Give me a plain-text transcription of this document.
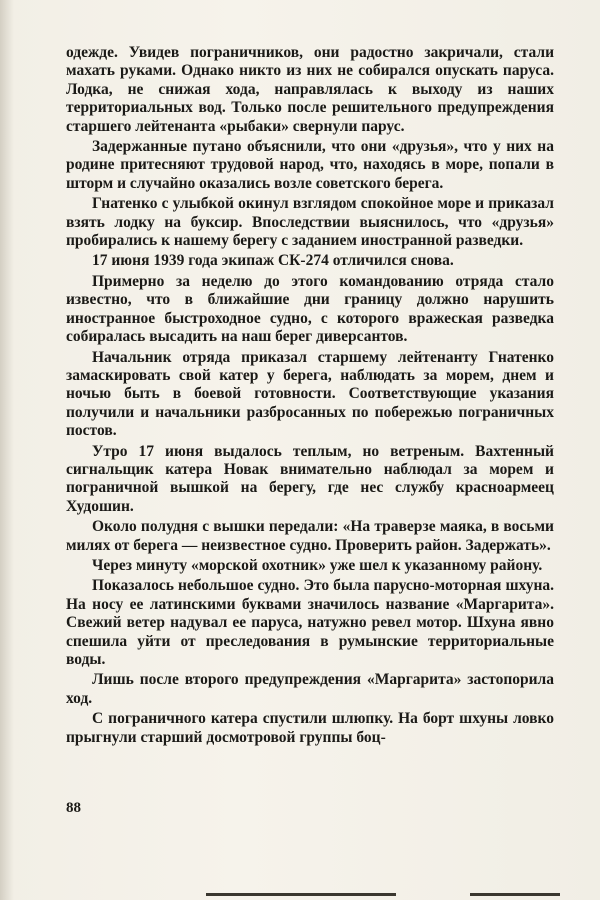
одежде. Увидев пограничников, они радостно закричали, стали махать руками. Однако никто из них не собирался опускать паруса. Лодка, не снижая хода, направлялась к выходу из наших территориальных вод. Только после решительного предупреждения старшего лейтенанта «рыбаки» свернули парус.

Задержанные путано объяснили, что они «друзья», что у них на родине притесняют трудовой народ, что, находясь в море, попали в шторм и случайно оказались возле советского берега.

Гнатенко с улыбкой окинул взглядом спокойное море и приказал взять лодку на буксир. Впоследствии выяснилось, что «друзья» пробирались к нашему берегу с заданием иностранной разведки.

17 июня 1939 года экипаж СК-274 отличился снова.

Примерно за неделю до этого командованию отряда стало известно, что в ближайшие дни границу должно нарушить иностранное быстроходное судно, с которого вражеская разведка собиралась высадить на наш берег диверсантов.

Начальник отряда приказал старшему лейтенанту Гнатенко замаскировать свой катер у берега, наблюдать за морем, днем и ночью быть в боевой готовности. Соответствующие указания получили и начальники разбросанных по побережью пограничных постов.

Утро 17 июня выдалось теплым, но ветреным. Вахтенный сигнальщик катера Новак внимательно наблюдал за морем и пограничной вышкой на берегу, где нес службу красноармеец Худошин.

Около полудня с вышки передали: «На траверзе маяка, в восьми милях от берега — неизвестное судно. Проверить район. Задержать».

Через минуту «морской охотник» уже шел к указанному району.

Показалось небольшое судно. Это была парусно-моторная шхуна. На носу ее латинскими буквами значилось название «Маргарита». Свежий ветер надувал ее паруса, натужно ревел мотор. Шхуна явно спешила уйти от преследования в румынские территориальные воды.

Лишь после второго предупреждения «Маргарита» застопорила ход.

С пограничного катера спустили шлюпку. На борт шхуны ловко прыгнули старший досмотровой группы боц-

88
